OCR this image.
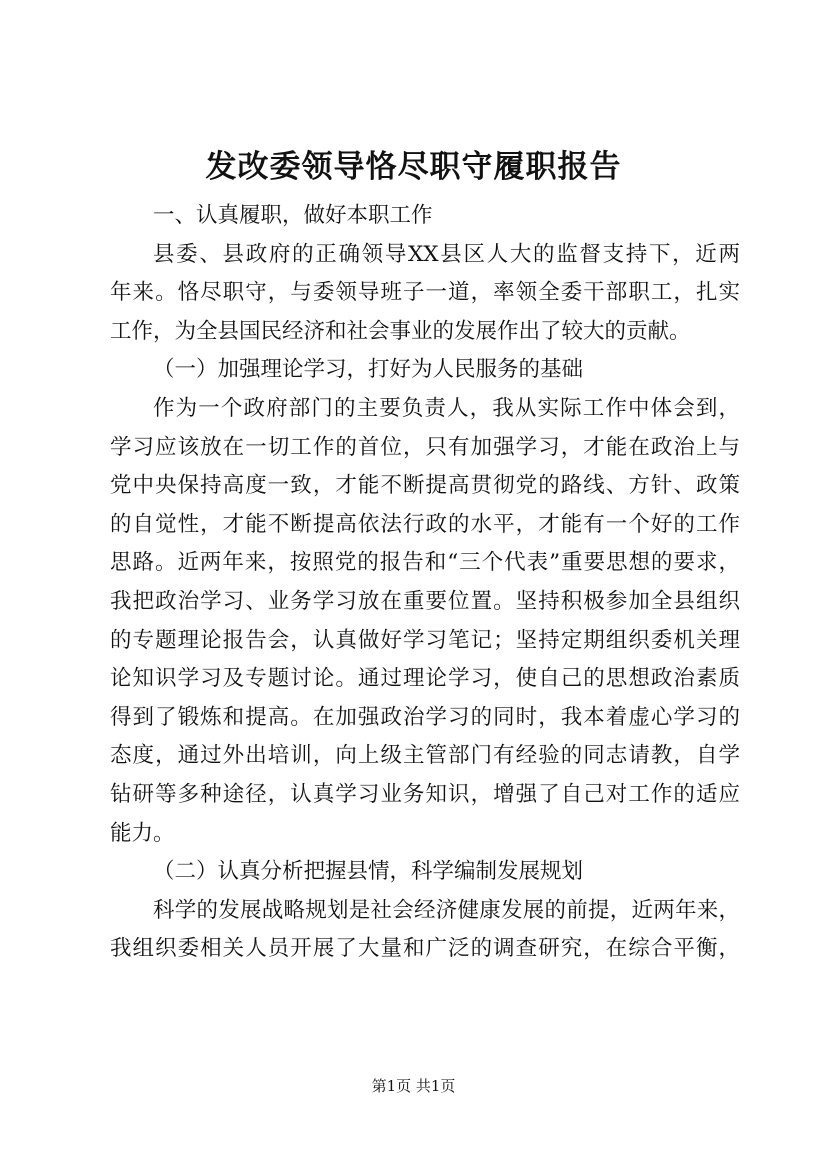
发改委领导恪尽职守履职报告
一、认真履职，做好本职工作
县委、县政府的正确领导XX县区人大的监督支持下，近两
年来。恪尽职守，与委领导班子一道，率领全委干部职工，扎实
工作，为全县国民经济和社会事业的发展作出了较大的贡献。
（一）加强理论学习，打好为人民服务的基础
作为一个政府部门的主要负责人，我从实际工作中体会到，
学习应该放在一切工作的首位，只有加强学习，才能在政治上与
党中央保持高度一致，才能不断提高贯彻党的路线、方针、政策
的自觉性，才能不断提高依法行政的水平，才能有一个好的工作
思路。近两年来，按照党的报告和“三个代表”重要思想的要求，
我把政治学习、业务学习放在重要位置。坚持积极参加全县组织
的专题理论报告会，认真做好学习笔记；坚持定期组织委机关理
论知识学习及专题讨论。通过理论学习，使自己的思想政治素质
得到了锻炼和提高。在加强政治学习的同时，我本着虚心学习的
态度，通过外出培训，向上级主管部门有经验的同志请教，自学
钻研等多种途径，认真学习业务知识，增强了自己对工作的适应
能力。
（二）认真分析把握县情，科学编制发展规划
科学的发展战略规划是社会经济健康发展的前提，近两年来，
我组织委相关人员开展了大量和广泛的调查研究，在综合平衡，
第1页 共1页
